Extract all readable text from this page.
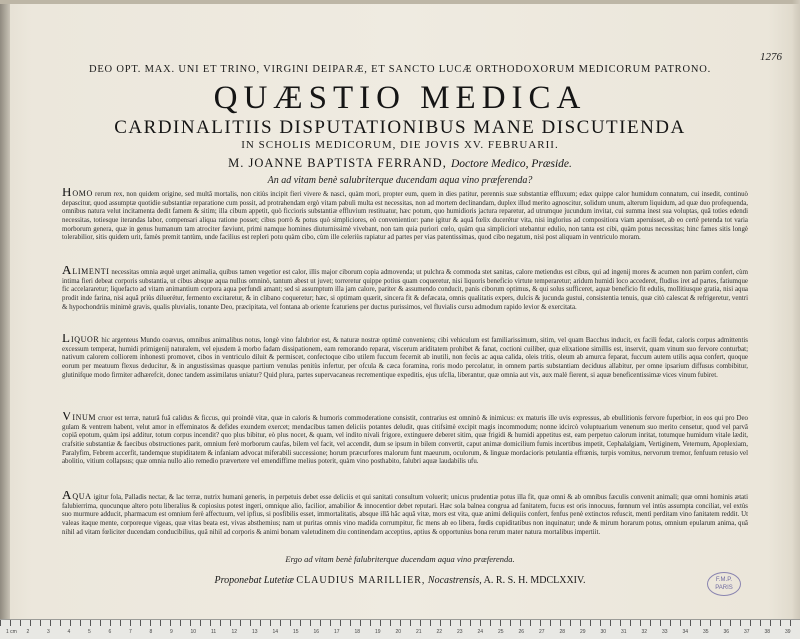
1276
DEO OPT. MAX. UNI ET TRINO, VIRGINI DEIPARÆ, ET SANCTO LUCÆ ORTHODOXORUM MEDICORUM PATRONO.
QUÆSTIO MEDICA
CARDINALITIIS DISPUTATIONIBUS MANE DISCUTIENDA
IN SCHOLIS MEDICORUM, DIE JOVIS XV. FEBRUARII.
M. JOANNE BAPTISTA FERRAND, Doctore Medico, Præside.
An ad vitam benè salubriterque ducendam aqua vino præferenda?
HOMO rerum rex, non quidem origine, sed multâ mortalis, non citiùs incipit fieri vivere & nasci, quàm mori, propter eum, quem in dies patitur, perennis suæ substantiæ effluxum; edax quippe calor humidum connatum, cui insedit, continuò depascitur, quod assumptæ quotidie substantiæ reparatione cum possit, ad protrahendam ergò vitam pabuli multa est necessitas, non ad mortem declinandam, duplex illud merito agnoscitur, solidum unum, alterum liquidum, ad quæ duo profequenda, omnibus natura velut incitamenta dedit famem & sitim; illa cibum appetit, quò ficcioris substantiæ effluvium restituatur, hæc potum, quo humidioris jactura reparetur, ad utrumque jucundum invitat, cui summa inest sua voluptas, quâ toties edendi necessitas, totiesque iterandas labor, compensari aliqua ratione posset; cibus porrò & potus quò simpliciores, eò convenientior: pane igitur & aquâ fœlix ducerétur vita, nisi inglorius ad compositiora viam aperuisset, ab eo certè petenda tot varia morborum genera, quæ in genus humanum tam atrociter fæviunt, primi namque homines diuturnissimè vivebant, non tam quia puriori cœlo, quàm qua simpliciori utebantur edulio, non tanta est cibi, quàm potus necessitas; hinc fames sitis longè tolerabilior, sitis quidem urit, famès premit tantùm, unde facilius est repleri potu quàm cibo, cùm ille celeriùs rapiatur ad partes per vias patentissimas, quod cibo negatum, nisi post aliquam in ventriculo moram.
ALIMENTI necessitas omnia æquè urget animalia, quibus tamen vegetior est calor, illis major ciborum copia admovenda; ut pulchra & commoda stet sanitas, calore metiendus est cibus, qui ad ingenij mores & acumen non parùm confert, cùm intima fieri debeat corporis substantia, ut cibus absque aqua nullus omninò, tantum abest ut juvet; torreretur quippe potius quam coqueretur, nisi liquoris beneficio virtute temperaretur; aridum humidi loco accederet, fludius iret ad partes, fatiumque fic accelararetur; liquefacto ad vitam animantium corpora aqua perfundi amant; sed si assumptum illa jam calore, pariter & assumendo conducit, panis ciborum optimus, & qui solus sufficeret, aquæ beneficio fit edulis, mollitiusque gratia, nisi aqua prodit inde farina, nisi aquâ priùs diluerétur, fermento excitaretur, & in clibano coqueretur; hæc, si optimam quærit, sincera fit & defæcata, omnis qualitatis expers, dulcis & jucunda gustui, consistentia tenuis, quæ citò calescat & refrigeretur, ventri & hypochondriis minimè gravis, qualis pluvialis, tonante Deo, præcipitata, vel fontana ab oriente fcaturiens per ductus purissimos, vel fluvialis cursu admodum rapido levior & exercitata.
LIQUOR hic argenteus Mundo coævus, omnibus animalibus notus, longè vino falubrior est, & naturæ nostræ optimè conveniens; cibi vehiculum est familiarissimum, sitim, vel quam Bacchus inducit, ex facili fedat, caloris corpus admittentis excessum temperat, humidi primigenij naturalem, vel ejusdem à morbo fadam dissipationem, eam remorando reparat, viscerum ariditatem prohibet & fanat, coctioni cuiliber, quæ elixatione simillis est, inservit, quam vinum suo fervore conturbat; nativum calorem colliorem inhonesti promovet, cibos in ventriculo diluit & permiscet, confectoque cibo utilem fuccum fecernit ab inutili, non fecùs ac aqua calida, oleis tritis, oleum ab amurca feparat, fuccum autem utilis aqua confert, quoque eorum per meatuum flexus deducitur, & in angustissimas quasque partium venulas penitùs infertur, per ofcula & cæca foramina, roris modo percolatur, in omnem partis substantiam deciduus allabitur, per omne ipsarium diffusus combibitur, glutinifque modo firmiter adhærefcit, donec tandem assimilatus uniatur? Quid plura, partes supervacaneas recrementique expeditis, ejus ufclla, liberantur, quæ omnia aut vix, aux malè fierent, si aquæ beneficentissimæ vices vinum fubiret.
VINUM cruor est terræ, naturâ fuâ calidus & ficcus, qui proindè vitæ, quæ in caloris & humoris commoderatione consistit, contrarius est omninò & inimicus: ex maturis ille uvis expressus, ab ebullitionis fervore fuperbior, in eos qui pro Deo gulam & ventrem habent, velut amor in effeminatos & defides exundem exercet; mendacibus tamen deliciis potantes deludit, quas citifsimè excipit magis incommodum; nonne idcircò voluptuarium venenum suo merito censetur, quod vel parvâ copiâ epotum, quàm ipsi additur, totum corpus incendit? quo plus bibitur, eò plus nocet, & quam, vel indito nivali frigore, extinguere deberet sitim, quæ frigidi & humidi appetitus est, eam perpetuo calorum inritat, totumque humidum vitale lædit, crafsitie substantiæ & faecibus obstructiones parit, omnium ferè morborum caufas, bilem vel facit, vel accendit, dum se ipsum in bilem convertit, caput animæ domicilium fumis incertibus impetit, Cephalalgiam, Vertiginem, Veternum, Apoplexiam, Paralyfim, Febrem accerfit, tandemque stupiditatem & infaniam advocat miferabili successione; horum præcurfores malorum funt maeurum, oculorum, & linguæ mordacioris petulantia effrænis, turpis vomitus, nervorum tremor, fenfuum retusio vel abolitio, vitium collapsus; quæ omnia nullo alio remedio prævertere vel emendiffime melius poterit, quàm vino posthabito, falubri aquæ laudabilis ufu.
AQUA igitur fola, Palladis nectar, & lac terræ, nutrix humani generis, in perpetuis debet esse deliciis et qui sanitati consultum voluerit; unicus prudentiæ potus illa fit, quæ omni & ab omnibus fæculis convenit animali; quæ omni hominis ætati falubierrima, quocunque altero potu liberalius & copiosius potest ingeri, omnique alio, facilior, amabilior & innocentior debet reputari. Hæc sola balnea congrua ad fanitatem, fucus est oris innocuus, fœnnum vel intùs assumpta conciliat, vel extùs suo murmure adducit, pharmacum est omnium ferè affectuum, vel ipfius, si posfibilis esset, immortalitatis, absque illâ hâc aquâ vitæ, mors est vita, quæ animi deliquiis confert, fenfus penè extinctos refuscit, mentì perditam vino fanitatem reddit. Ut valeas itaque mente, corporeque vigeas, quæ vitas beata est, vivas absthemius; nam ut puritas omnis vino madida corrumpitur, fic mens ab eo libera, fœdis cupiditatibus non inquinatur; unde & mirum horarum potus, omnium epularum anima, quâ nihil ad vitam fœliciter ducendam conducibilius, quâ nihil ad corporis & animi bonam valetudinem diu continendam acceptius, aptius & opportunius bona rerum mater natura mortalibus impertiit.
Ergo ad vitam benè falubriterque ducendam aqua vino præferenda.
Proponebat Lutetiæ CLAUDIUS MARILLIER, Nocastrensis, A. R. S. H. MDCLXXIV.	F.M.P.
PARIS
1 cm 2	3	4	5	6	7	8	9	10	11	12	13	14	15	16	17	18	19	20	21	22	23	24	25	26	27	28	29	30	31	32	33	34	35	36	37	38	39
